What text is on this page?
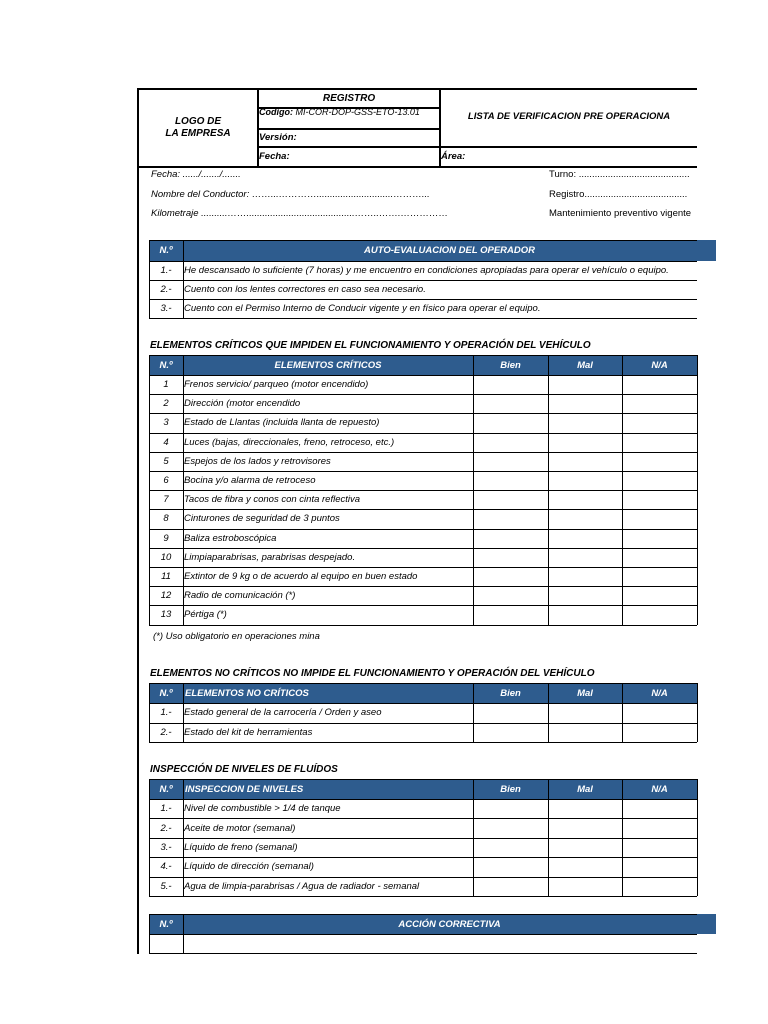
LOGO DE
LA EMPRESA
REGISTRO
Codigo: MI-COR-DOP-GSS-ETO-13.01
Versión:
Fecha:	Área:
LISTA DE VERIFICACION PRE OPERACIONA
Fecha: ....../......./.......
Nombre del Conductor: ……...………….............................………...
Kilometraje ..........…….........................................……..…….……………
Turno: ..........................................
Registro.......................................
Mantenimiento preventivo vigente
N.º	AUTO-EVALUACION DEL OPERADOR
1.-	He descansado lo suficiente (7 horas) y me encuentro en condiciones apropiadas para operar el vehículo o equipo.
2.-	Cuento con los lentes correctores en caso sea necesario.
3.-	Cuento con el Permiso Interno de Conducir vigente y en físico para operar el equipo.
ELEMENTOS CRÍTICOS QUE IMPIDEN EL FUNCIONAMIENTO Y OPERACIÓN DEL VEHÍCULO
N.º	ELEMENTOS CRÍTICOS	Bien	Mal	N/A
1	Frenos servicio/ parqueo (motor encendido)
2	Dirección (motor encendido
3	Estado de Llantas (incluida llanta de repuesto)
4	Luces (bajas, direccionales, freno, retroceso, etc.)
5	Espejos de los lados y retrovisores
6	Bocina y/o alarma de retroceso
7	Tacos de fibra y conos con cinta reflectiva
8	Cinturones de seguridad de 3 puntos
9	Baliza estroboscópica
10	Limpiaparabrisas, parabrisas despejado.
11	Extintor de 9 kg o de acuerdo al equipo en buen estado
12	Radio de comunicación (*)
13	Pértiga (*)
(*) Uso obligatorio en operaciones mina
ELEMENTOS NO CRÍTICOS NO IMPIDE EL FUNCIONAMIENTO Y OPERACIÓN DEL VEHÍCULO
N.º	ELEMENTOS NO CRÍTICOS	Bien	Mal	N/A
1.-	Estado general de la carrocería / Orden y aseo
2.-	Estado del kit de herramientas
INSPECCIÓN DE NIVELES DE FLUÍDOS
N.º	INSPECCION DE NIVELES	Bien	Mal	N/A
1.-	Nivel de combustible > 1/4 de tanque
2.-	Aceite de motor (semanal)
3.-	Líquido de freno (semanal)
4.-	Líquido de dirección (semanal)
5.-	Agua de limpia-parabrisas / Agua de radiador - semanal
N.º	ACCIÓN CORRECTIVA
